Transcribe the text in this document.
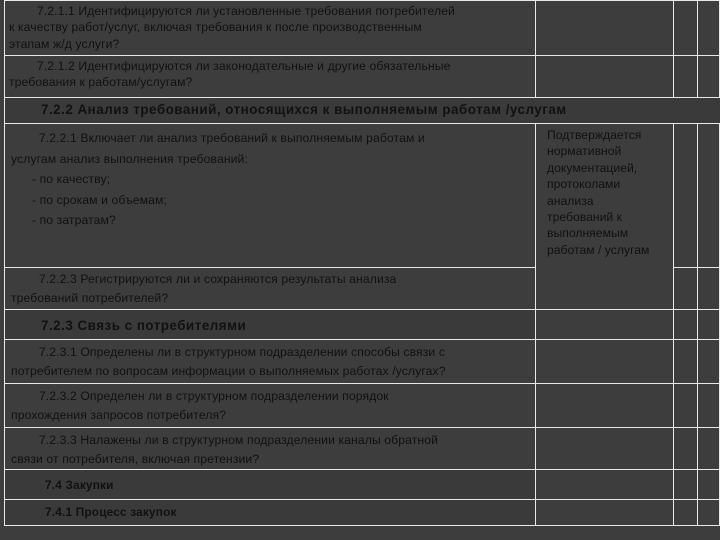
7.2.1.1 Идентифицируются ли установленные требования потребителей
к качеству работ/услуг, включая требования к после производственным
этапам ж/д услуги?
7.2.1.2 Идентифицируются ли законодательные и другие обязательные
требования к работам/услугам?
7.2.2 Анализ требований, относящихся к выполняемым работам /услугам
7.2.2.1 Включает ли анализ требований к выполняемым работам и
услугам анализ выполнения требований:
- по качеству;
- по срокам и объемам;
- по затратам?
Подтверждается
нормативной
документацией,
протоколами
анализа
требований к
выполняемым
работам / услугам
7.2.2.3 Регистрируются ли и сохраняются результаты анализа
требований потребителей?
7.2.3 Связь с потребителями
7.2.3.1 Определены ли в структурном подразделении способы связи с
потребителем по вопросам информации о выполняемых работах /услугах?
7.2.3.2 Определен ли в структурном подразделении порядок
прохождения запросов потребителя?
7.2.3.3 Налажены ли в структурном подразделении каналы обратной
связи от потребителя, включая претензии?
7.4 Закупки
7.4.1 Процесс закупок
